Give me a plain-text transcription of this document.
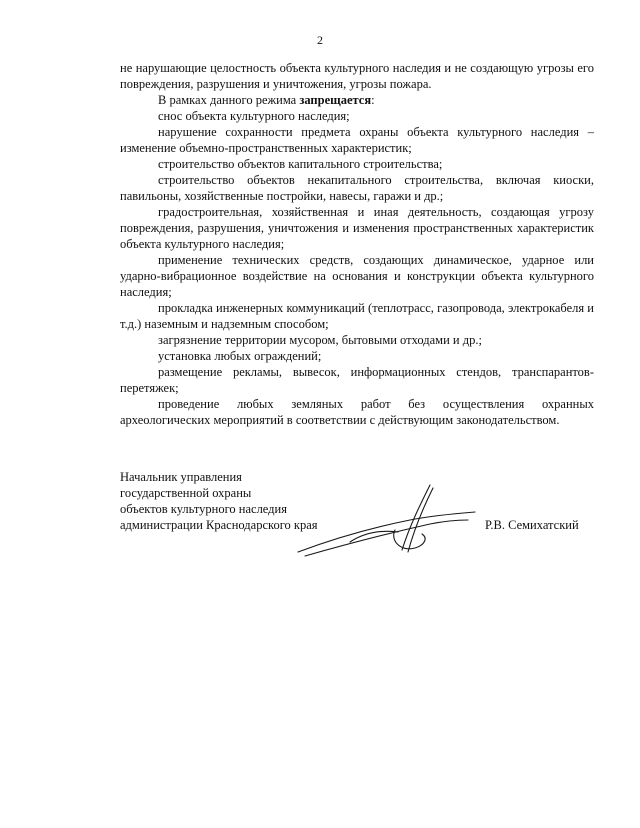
2

не нарушающие целостность объекта культурного наследия и не создающую угрозы его повреждения, разрушения и уничтожения, угрозы пожара.

В рамках данного режима запрещается:

снос объекта культурного наследия;

нарушение сохранности предмета охраны объекта культурного наследия – изменение объемно-пространственных характеристик;

строительство объектов капитального строительства;

строительство объектов некапитального строительства, включая киоски, павильоны, хозяйственные постройки, навесы, гаражи и др.;

градостроительная, хозяйственная и иная деятельность, создающая угрозу повреждения, разрушения, уничтожения и изменения пространственных характеристик объекта культурного наследия;

применение технических средств, создающих динамическое, ударное или ударно-вибрационное воздействие на основания и конструкции объекта культурного наследия;

прокладка инженерных коммуникаций (теплотрасс, газопровода, электрокабеля и т.д.) наземным и надземным способом;

загрязнение территории мусором, бытовыми отходами и др.;

установка любых ограждений;

размещение рекламы, вывесок, информационных стендов, транспарантов-перетяжек;

проведение любых земляных работ без осуществления охранных археологических мероприятий в соответствии с действующим законодательством.

Начальник управления
государственной охраны
объектов культурного наследия
администрации Краснодарского края	Р.В. Семихатский
